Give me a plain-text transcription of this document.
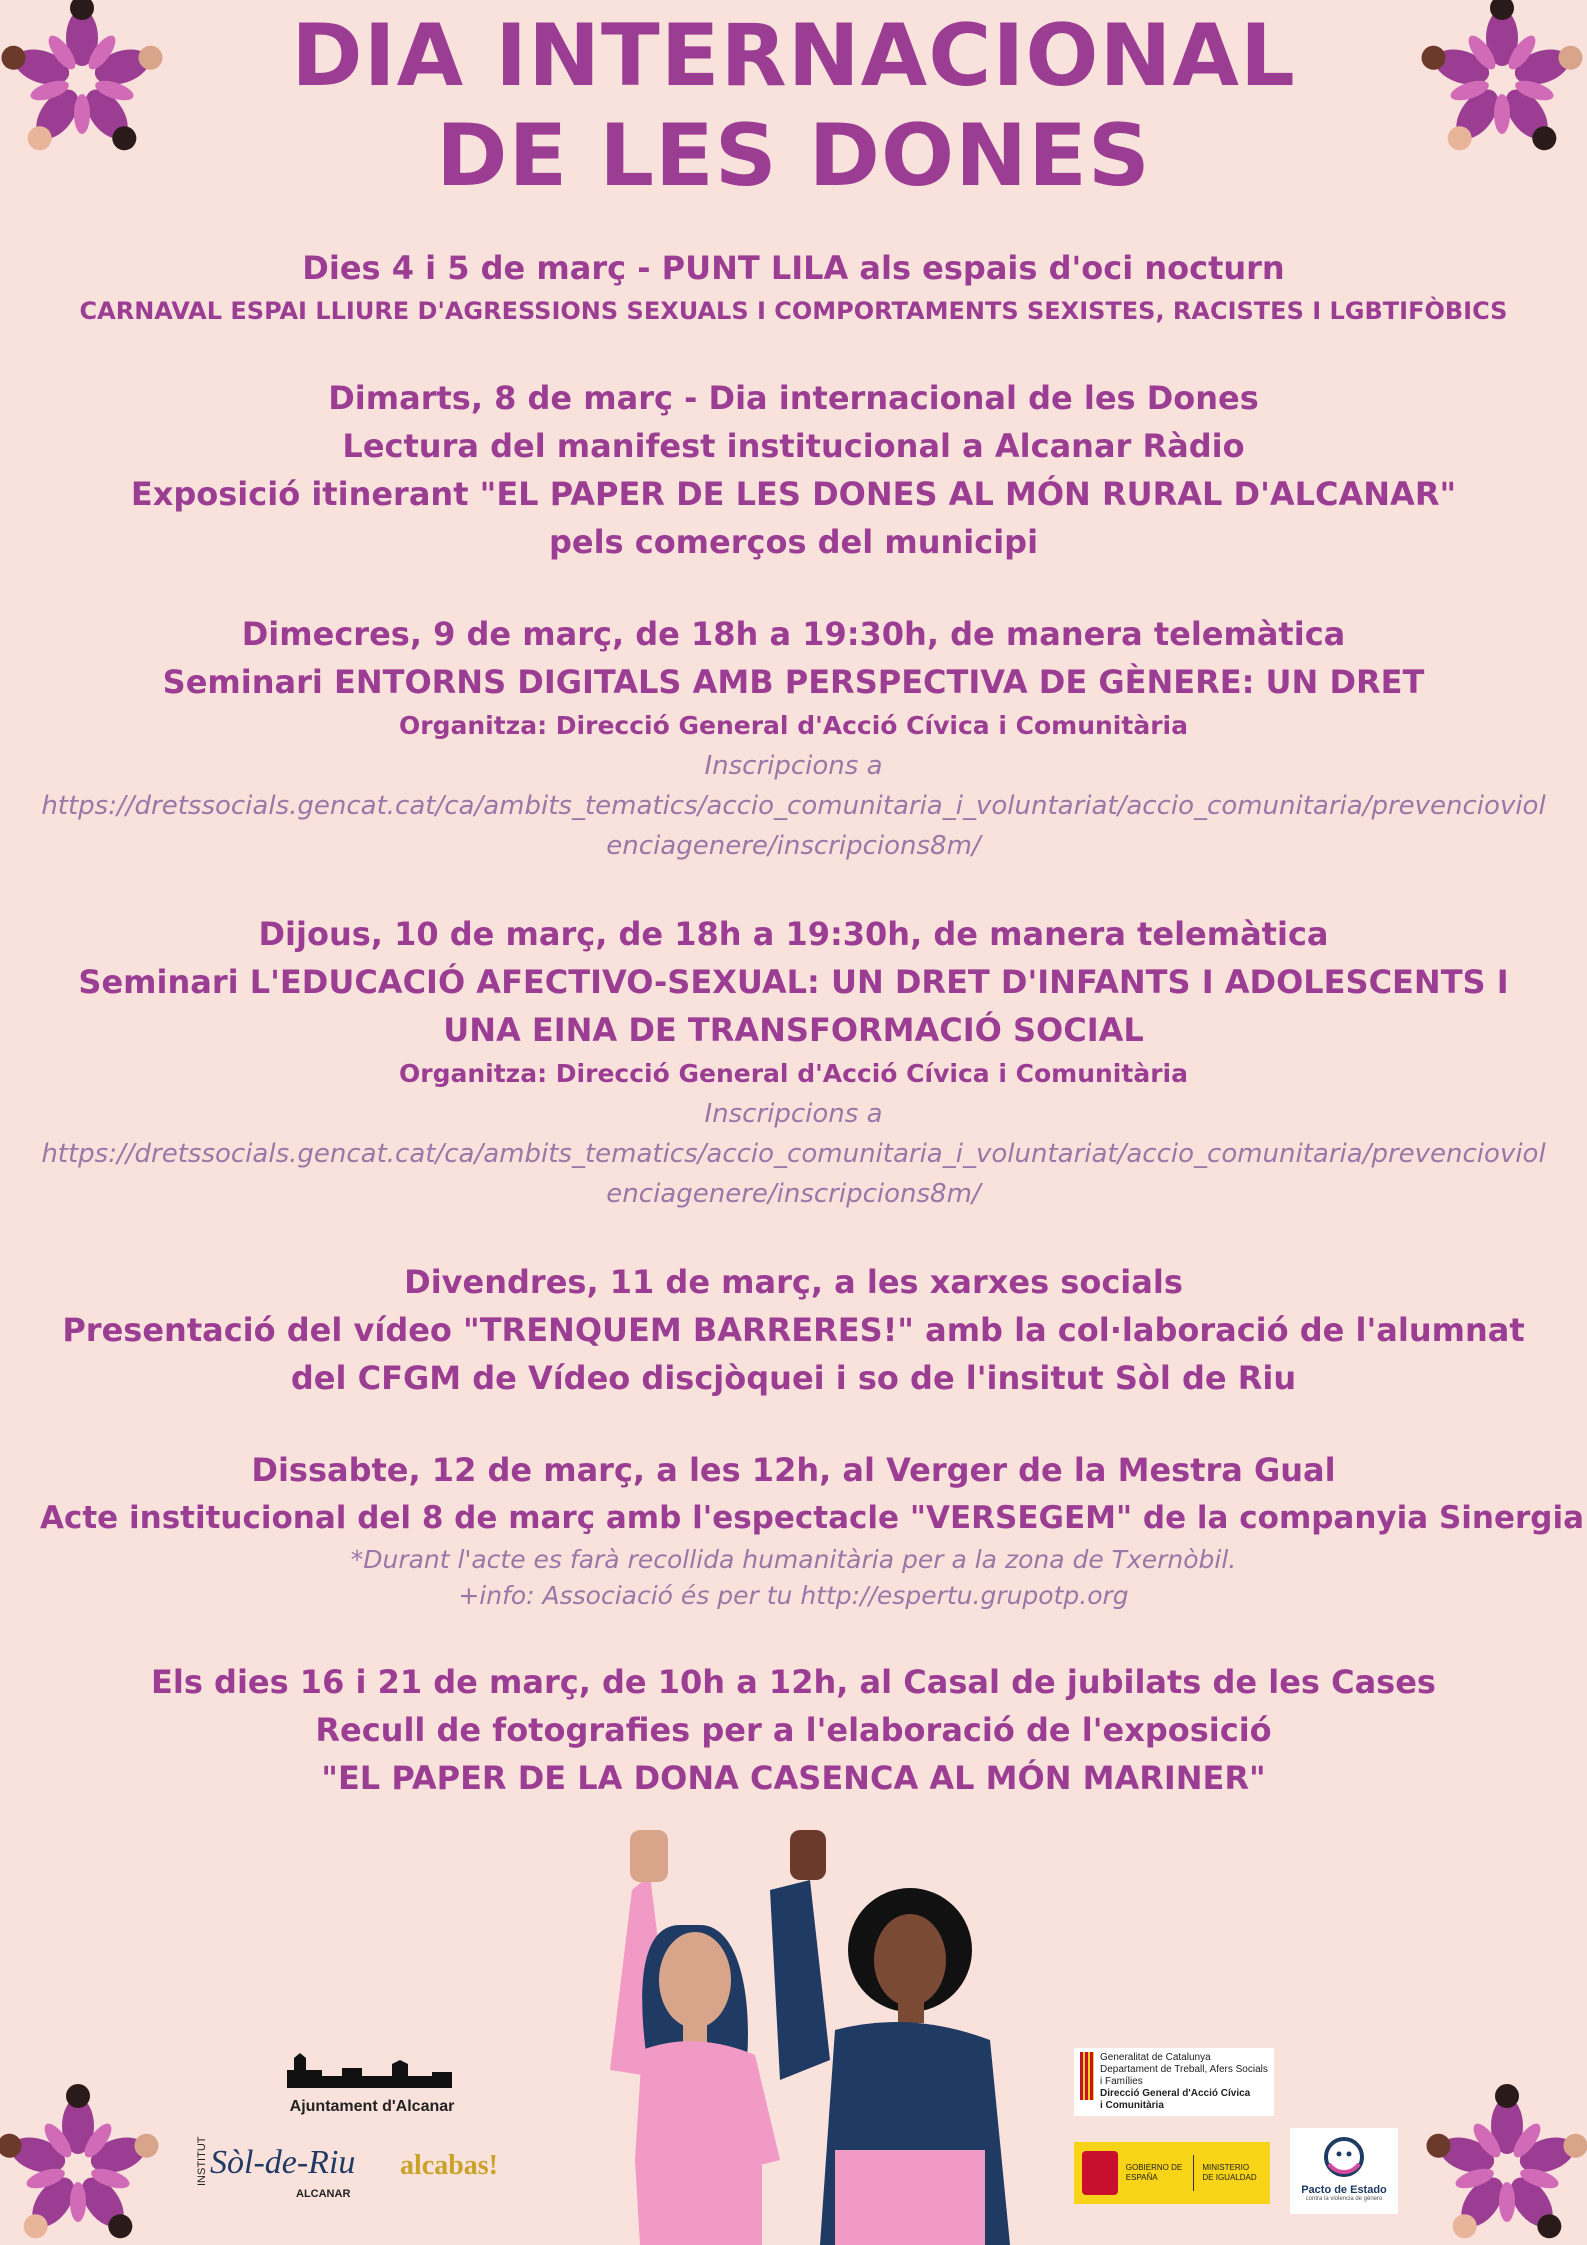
DIA INTERNACIONAL
DE LES DONES
Dies 4 i 5 de març - PUNT LILA als espais d'oci nocturn
CARNAVAL ESPAI LLIURE D'AGRESSIONS SEXUALS I COMPORTAMENTS SEXISTES, RACISTES I LGBTIFÒBICS
Dimarts, 8 de març - Dia internacional de les Dones
Lectura del manifest institucional a Alcanar Ràdio
Exposició itinerant "EL PAPER DE LES DONES AL MÓN RURAL D'ALCANAR"
pels comerços del municipi
Dimecres, 9 de març, de 18h a 19:30h, de manera telemàtica
Seminari ENTORNS DIGITALS AMB PERSPECTIVA DE GÈNERE: UN DRET
Organitza: Direcció General d'Acció Cívica i Comunitària
Inscripcions a
https://dretssocials.gencat.cat/ca/ambits_tematics/accio_comunitaria_i_voluntariat/accio_comunitaria/prevencioviolenciagenere/inscripcions8m/
Dijous, 10 de març, de 18h a 19:30h, de manera telemàtica
Seminari L'EDUCACIÓ AFECTIVO-SEXUAL: UN DRET D'INFANTS I ADOLESCENTS I UNA EINA DE TRANSFORMACIÓ SOCIAL
Organitza: Direcció General d'Acció Cívica i Comunitària
Inscripcions a
https://dretssocials.gencat.cat/ca/ambits_tematics/accio_comunitaria_i_voluntariat/accio_comunitaria/prevencioviolenciagenere/inscripcions8m/
Divendres, 11 de març, a les xarxes socials
Presentació del vídeo "TRENQUEM BARRERES!" amb la col·laboració de l'alumnat del CFGM de Vídeo discjòquei i so de l'insitut Sòl de Riu
Dissabte, 12 de març, a les 12h, al Verger de la Mestra Gual
Acte institucional del 8 de març amb l'espectacle "VERSEGEM" de la companyia Sinergia
*Durant l'acte es farà recollida humanitària per a la zona de Txernòbil.
+info: Associació és per tu http://espertu.grupotp.org
Els dies 16 i 21 de març, de 10h a 12h, al Casal de jubilats de les Cases
Recull de fotografies per a l'elaboració de l'exposició
"EL PAPER DE LA DONA CASENCA AL MÓN MARINER"
Ajuntament d'Alcanar
INSTITUT Sòl-de-Riu
ALCANAR
alcabas!
Generalitat de Catalunya
Departament de Treball, Afers Socials
i Famílies
Direcció General d'Acció Cívica
i Comunitària
GOBIERNO DE ESPAÑA
MINISTERIO DE IGUALDAD
Pacto de Estado
contra la violencia de género
